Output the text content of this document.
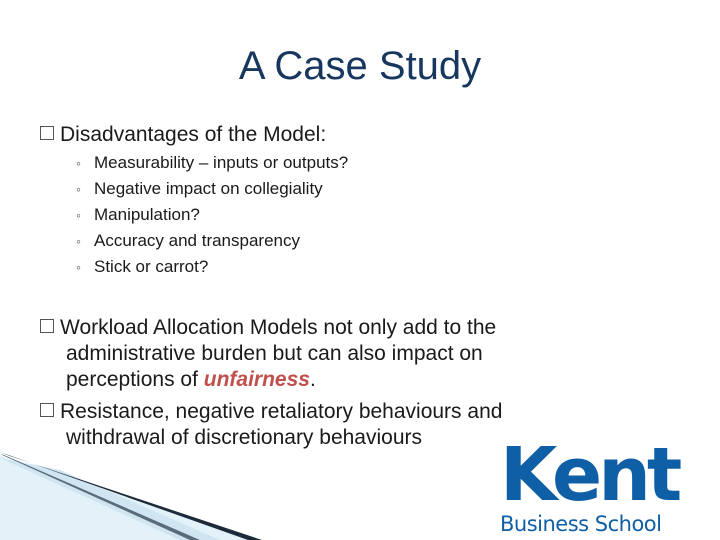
A Case Study
Disadvantages of the Model:
◦ Measurability – inputs or outputs?
◦ Negative impact on collegiality
◦ Manipulation?
◦ Accuracy and transparency
◦ Stick or carrot?
Workload Allocation Models not only add to the
administrative burden but can also impact on
perceptions of unfairness.
Resistance, negative retaliatory behaviours and
withdrawal of discretionary behaviours	Kent
Business School
